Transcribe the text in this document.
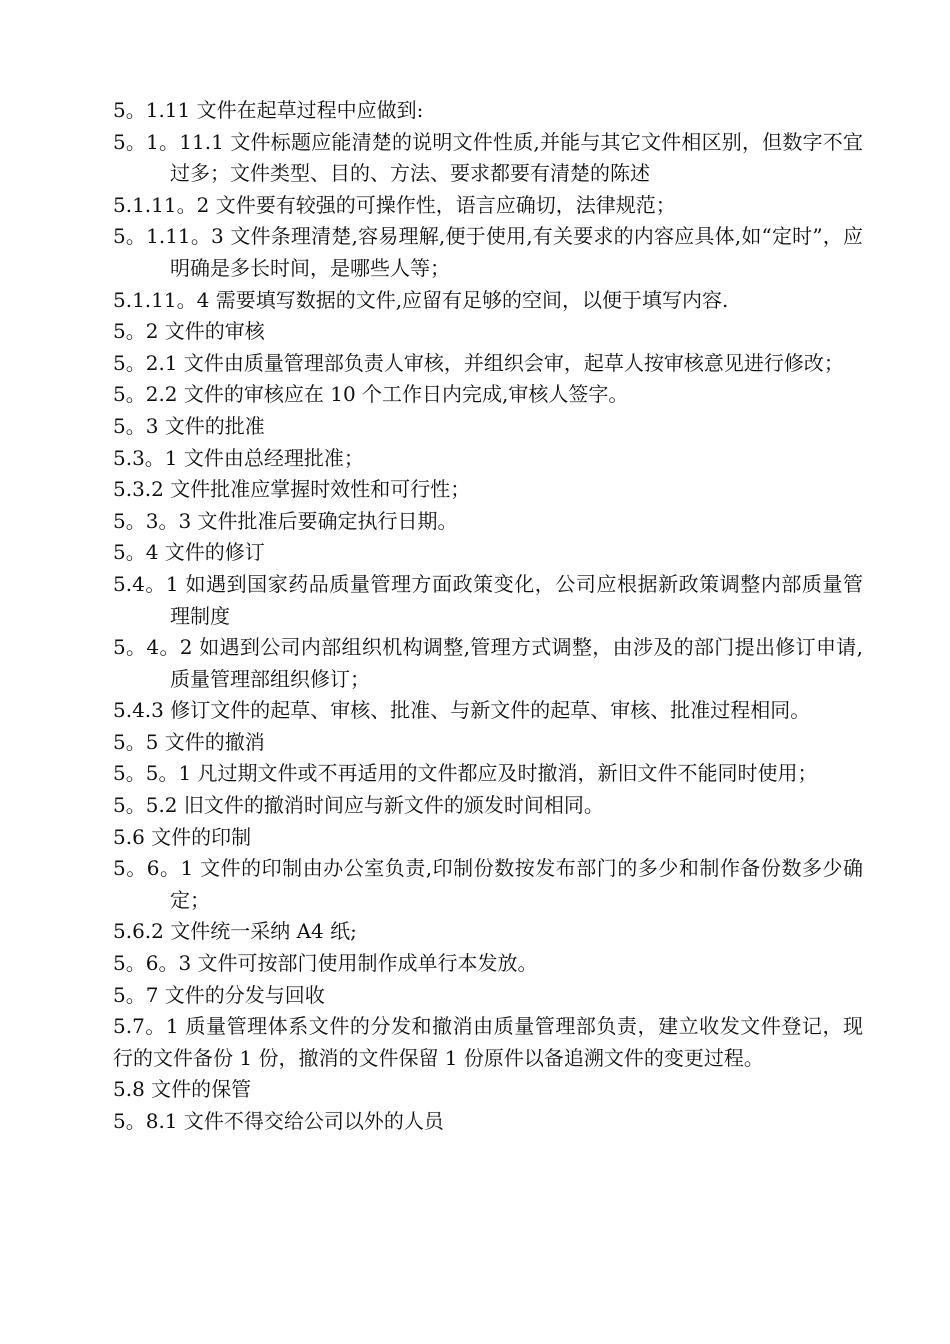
5。1.11 文件在起草过程中应做到:

5。1。11.1 文件标题应能清楚的说明文件性质,并能与其它文件相区别，但数字不宜过多；文件类型、目的、方法、要求都要有清楚的陈述

5.1.11。2 文件要有较强的可操作性，语言应确切，法律规范；

5。1.11。3 文件条理清楚,容易理解,便于使用,有关要求的内容应具体,如“定时”，应明确是多长时间，是哪些人等；

5.1.11。4 需要填写数据的文件,应留有足够的空间，以便于填写内容.

5。2 文件的审核

5。2.1 文件由质量管理部负责人审核，并组织会审，起草人按审核意见进行修改；

5。2.2 文件的审核应在 10 个工作日内完成,审核人签字。

5。3 文件的批准

5.3。1 文件由总经理批准；

5.3.2 文件批准应掌握时效性和可行性；

5。3。3 文件批准后要确定执行日期。

5。4 文件的修订

5.4。1 如遇到国家药品质量管理方面政策变化，公司应根据新政策调整内部质量管理制度

5。4。2 如遇到公司内部组织机构调整,管理方式调整，由涉及的部门提出修订申请,质量管理部组织修订；

5.4.3 修订文件的起草、审核、批准、与新文件的起草、审核、批准过程相同。

5。5 文件的撤消

5。5。1 凡过期文件或不再适用的文件都应及时撤消，新旧文件不能同时使用；

5。5.2 旧文件的撤消时间应与新文件的颁发时间相同。

5.6 文件的印制

5。6。1 文件的印制由办公室负责,印制份数按发布部门的多少和制作备份数多少确定；

5.6.2 文件统一采纳 A4 纸;

5。6。3 文件可按部门使用制作成单行本发放。

5。7 文件的分发与回收

5.7。1 质量管理体系文件的分发和撤消由质量管理部负责，建立收发文件登记，现行的文件备份 1 份，撤消的文件保留 1 份原件以备追溯文件的变更过程。

5.8 文件的保管

5。8.1 文件不得交给公司以外的人员
